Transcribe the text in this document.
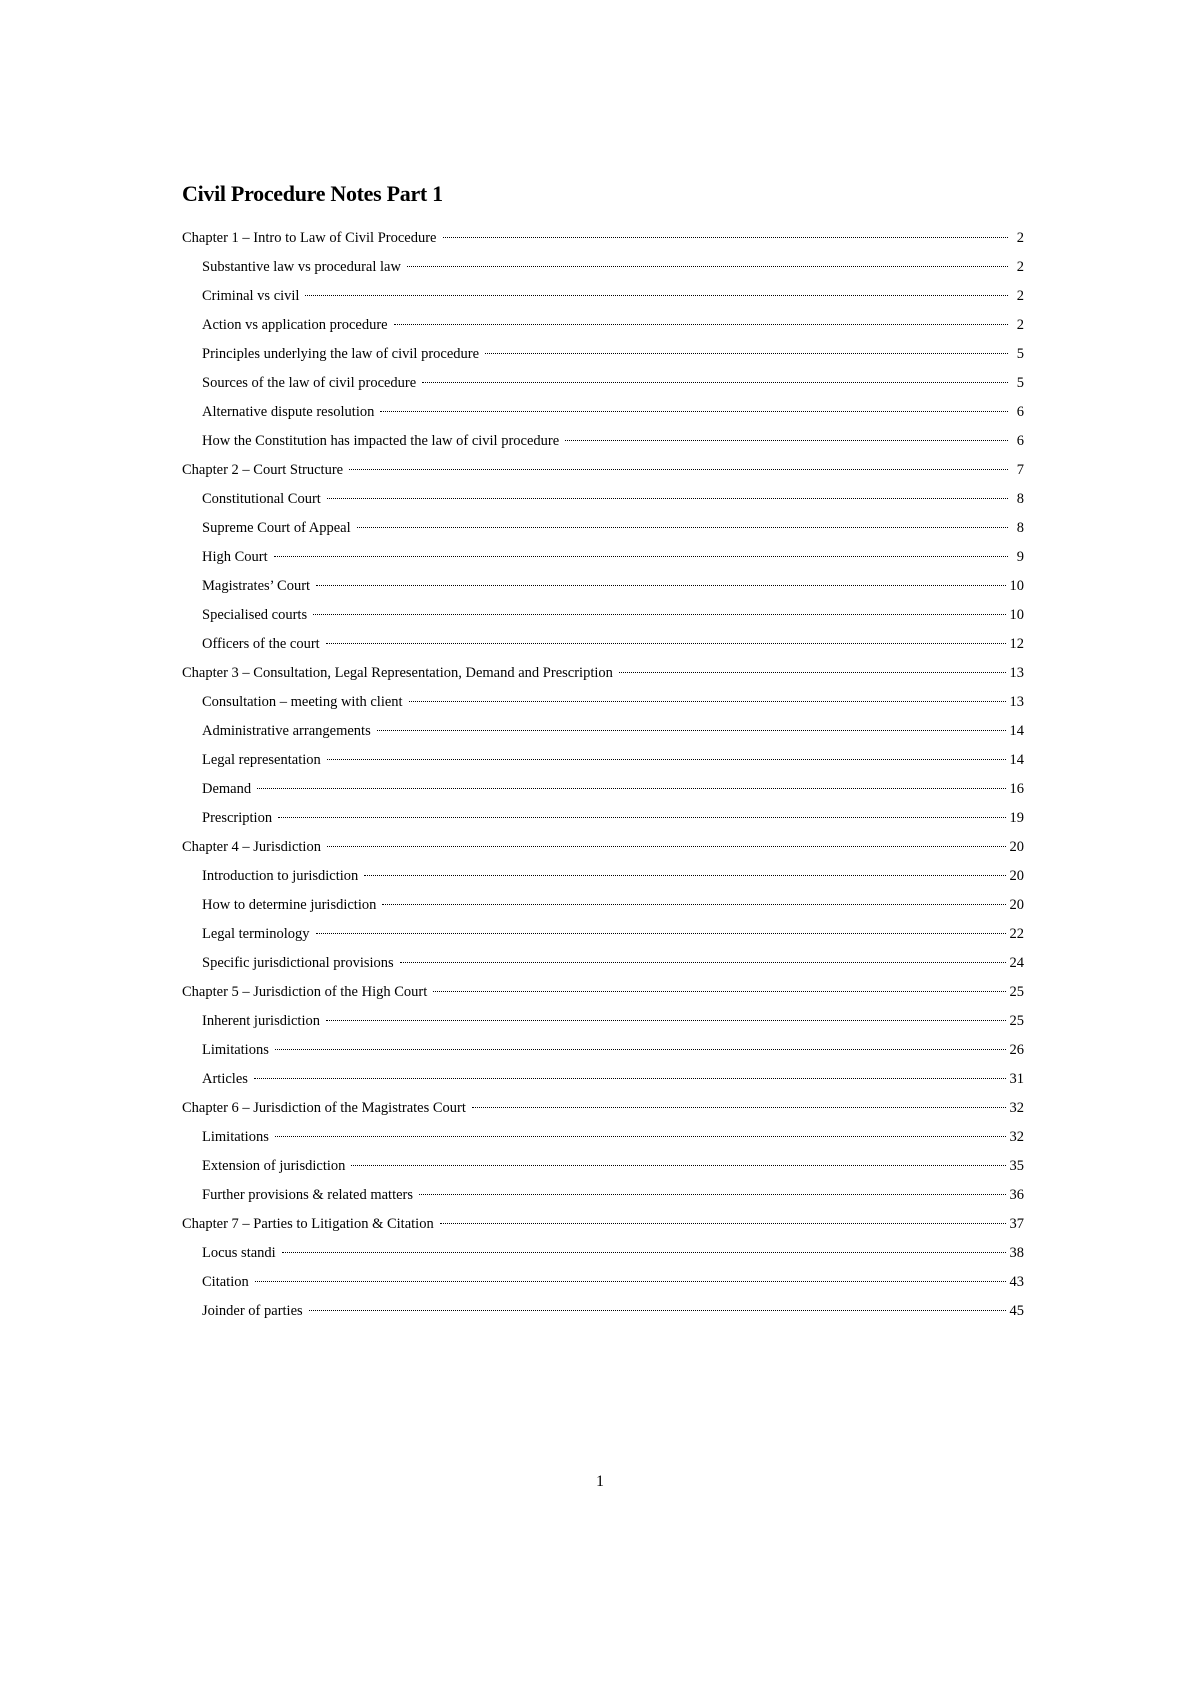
Civil Procedure Notes Part 1
Chapter 1 – Intro to Law of Civil Procedure	2
Substantive law vs procedural law	2
Criminal vs civil	2
Action vs application procedure	2
Principles underlying the law of civil procedure	5
Sources of the law of civil procedure	5
Alternative dispute resolution	6
How the Constitution has impacted the law of civil procedure	6
Chapter 2 – Court Structure	7
Constitutional Court	8
Supreme Court of Appeal	8
High Court	9
Magistrates’ Court	10
Specialised courts	10
Officers of the court	12
Chapter 3 – Consultation, Legal Representation, Demand and Prescription	13
Consultation – meeting with client	13
Administrative arrangements	14
Legal representation	14
Demand	16
Prescription	19
Chapter 4 – Jurisdiction	20
Introduction to jurisdiction	20
How to determine jurisdiction	20
Legal terminology	22
Specific jurisdictional provisions	24
Chapter 5 – Jurisdiction of the High Court	25
Inherent jurisdiction	25
Limitations	26
Articles	31
Chapter 6 – Jurisdiction of the Magistrates Court	32
Limitations	32
Extension of jurisdiction	35
Further provisions & related matters	36
Chapter 7 – Parties to Litigation & Citation	37
Locus standi	38
Citation	43
Joinder of parties	45
1
